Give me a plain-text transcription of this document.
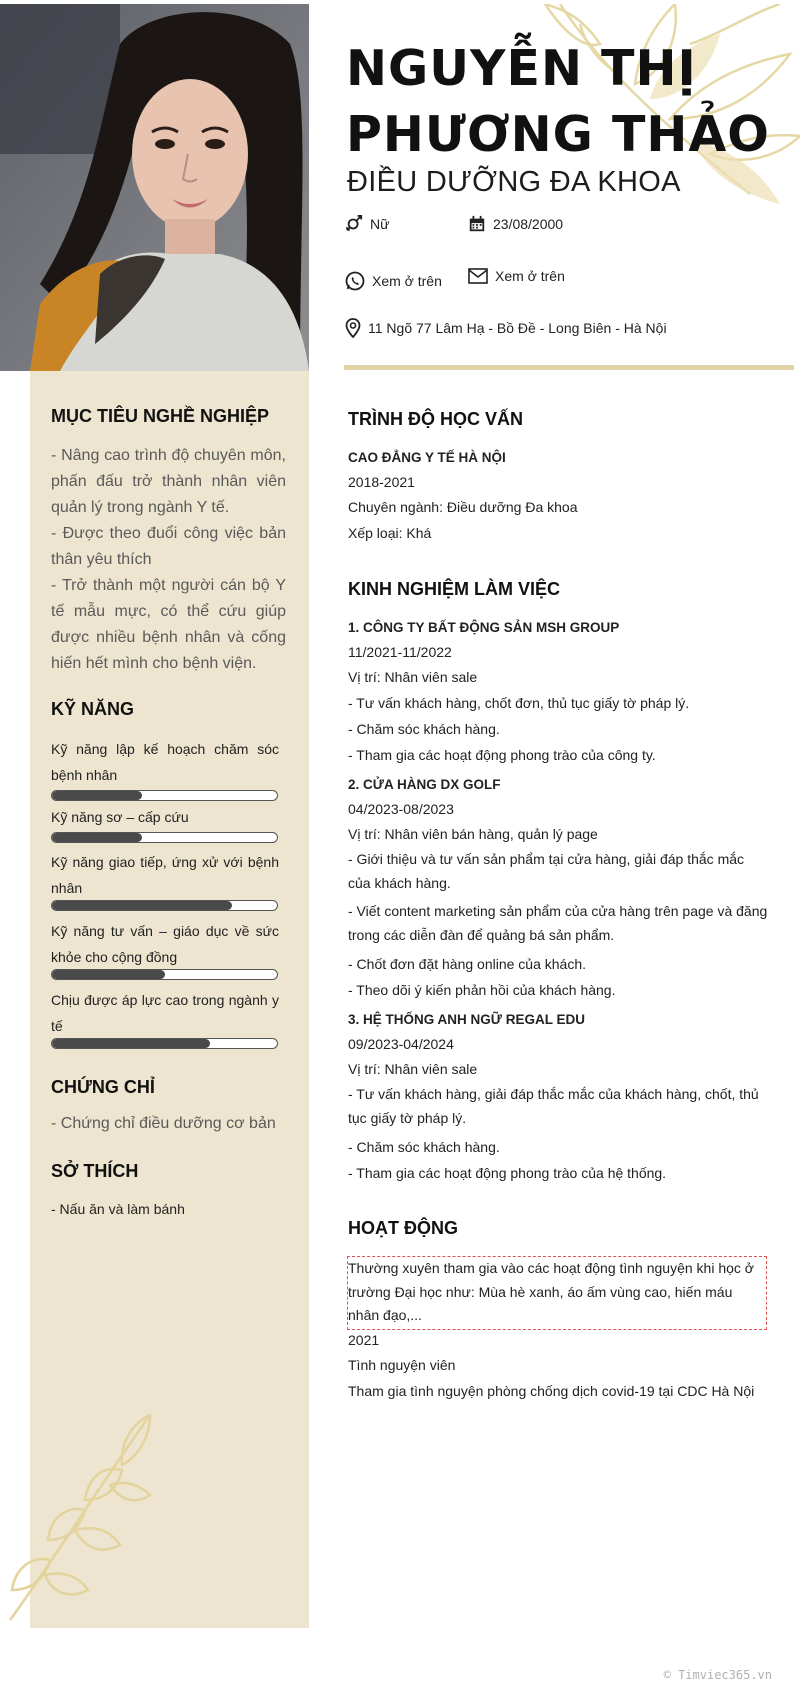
NGUYỄN THỊ
PHƯƠNG THẢO
ĐIỀU DƯỠNG ĐA KHOA
Nữ	23/08/2000
Xem ở trên	Xem ở trên
11 Ngõ 77 Lâm Hạ - Bồ Đề - Long Biên - Hà Nội
MỤC TIÊU NGHỀ NGHIỆP

- Nâng cao trình độ chuyên môn, phấn đấu trở thành nhân viên quản lý trong ngành Y tế.

- Được theo đuổi công việc bản thân yêu thích

- Trở thành một người cán bộ Y tế mẫu mực, có thể cứu giúp được nhiều bệnh nhân và cống hiến hết mình cho bệnh viện.

KỸ NĂNG
Kỹ năng lập kế hoạch chăm sóc bệnh nhân
Kỹ năng sơ – cấp cứu
Kỹ năng giao tiếp, ứng xử với bệnh nhân
Kỹ năng tư vấn – giáo dục về sức khỏe cho cộng đồng
Chịu được áp lực cao trong ngành y tế
CHỨNG CHỈ
- Chứng chỉ điều dưỡng cơ bản
SỞ THÍCH
- Nấu ăn và làm bánh
TRÌNH ĐỘ HỌC VẤN
CAO ĐẲNG Y TẾ HÀ NỘI
2018-2021
Chuyên ngành: Điều dưỡng Đa khoa
Xếp loại: Khá
KINH NGHIỆM LÀM VIỆC
1. CÔNG TY BẤT ĐỘNG SẢN MSH GROUP
11/2021-11/2022
Vị trí: Nhân viên sale
- Tư vấn khách hàng, chốt đơn, thủ tục giấy tờ pháp lý.
- Chăm sóc khách hàng.
- Tham gia các hoạt động phong trào của công ty.
2. CỬA HÀNG DX GOLF
04/2023-08/2023
Vị trí: Nhân viên bán hàng, quản lý page
- Giới thiệu và tư vấn sản phẩm tại cửa hàng, giải đáp thắc mắc của khách hàng.
- Viết content marketing sản phẩm của cửa hàng trên page và đăng trong các diễn đàn để quảng bá sản phẩm.
- Chốt đơn đặt hàng online của khách.
- Theo dõi ý kiến phản hồi của khách hàng.
3. HỆ THỐNG ANH NGỮ REGAL EDU
09/2023-04/2024
Vị trí: Nhân viên sale
- Tư vấn khách hàng, giải đáp thắc mắc của khách hàng, chốt, thủ tục giấy tờ pháp lý.
- Chăm sóc khách hàng.
- Tham gia các hoạt động phong trào của hệ thống.
HOẠT ĐỘNG
Thường xuyên tham gia vào các hoạt động tình nguyện khi học ở trường Đại học như: Mùa hè xanh, áo ấm vùng cao, hiến máu nhân đạo,...
2021
Tình nguyện viên
Tham gia tình nguyện phòng chống dịch covid-19 tại CDC Hà Nội
© Timviec365.vn
